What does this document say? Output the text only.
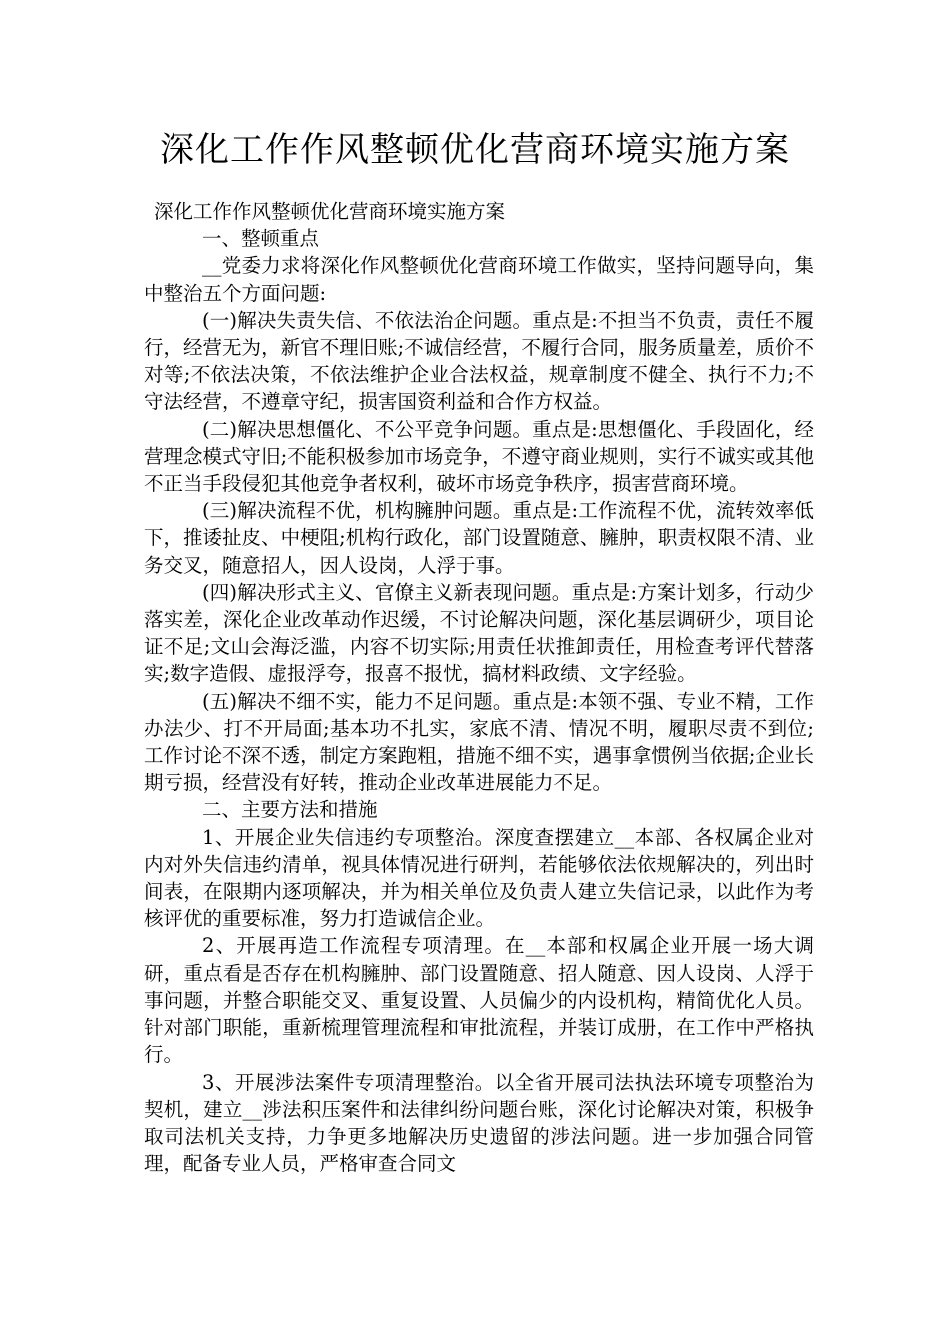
深化工作作风整顿优化营商环境实施方案

深化工作作风整顿优化营商环境实施方案

一、整顿重点

__党委力求将深化作风整顿优化营商环境工作做实，坚持问题导向，集中整治五个方面问题:

(一)解决失责失信、不依法治企问题。重点是:不担当不负责，责任不履行，经营无为，新官不理旧账;不诚信经营，不履行合同，服务质量差，质价不对等;不依法决策，不依法维护企业合法权益，规章制度不健全、执行不力;不守法经营，不遵章守纪，损害国资利益和合作方权益。

(二)解决思想僵化、不公平竞争问题。重点是:思想僵化、手段固化，经营理念模式守旧;不能积极参加市场竞争，不遵守商业规则，实行不诚实或其他不正当手段侵犯其他竞争者权利，破坏市场竞争秩序，损害营商环境。

(三)解决流程不优，机构臃肿问题。重点是:工作流程不优，流转效率低下，推诿扯皮、中梗阻;机构行政化，部门设置随意、臃肿，职责权限不清、业务交叉，随意招人，因人设岗，人浮于事。

(四)解决形式主义、官僚主义新表现问题。重点是:方案计划多，行动少落实差，深化企业改革动作迟缓，不讨论解决问题，深化基层调研少，项目论证不足;文山会海泛滥，内容不切实际;用责任状推卸责任，用检查考评代替落实;数字造假、虚报浮夸，报喜不报忧，搞材料政绩、文字经验。

(五)解决不细不实，能力不足问题。重点是:本领不强、专业不精，工作办法少、打不开局面;基本功不扎实，家底不清、情况不明，履职尽责不到位;工作讨论不深不透，制定方案跑粗，措施不细不实，遇事拿惯例当依据;企业长期亏损，经营没有好转，推动企业改革进展能力不足。

二、主要方法和措施

1、开展企业失信违约专项整治。深度查摆建立__本部、各权属企业对内对外失信违约清单，视具体情况进行研判，若能够依法依规解决的，列出时间表，在限期内逐项解决，并为相关单位及负责人建立失信记录，以此作为考核评优的重要标准，努力打造诚信企业。

2、开展再造工作流程专项清理。在__本部和权属企业开展一场大调研，重点看是否存在机构臃肿、部门设置随意、招人随意、因人设岗、人浮于事问题，并整合职能交叉、重复设置、人员偏少的内设机构，精简优化人员。针对部门职能，重新梳理管理流程和审批流程，并装订成册，在工作中严格执行。

3、开展涉法案件专项清理整治。以全省开展司法执法环境专项整治为契机，建立__涉法积压案件和法律纠纷问题台账，深化讨论解决对策，积极争取司法机关支持，力争更多地解决历史遗留的涉法问题。进一步加强合同管理，配备专业人员，严格审查合同文
